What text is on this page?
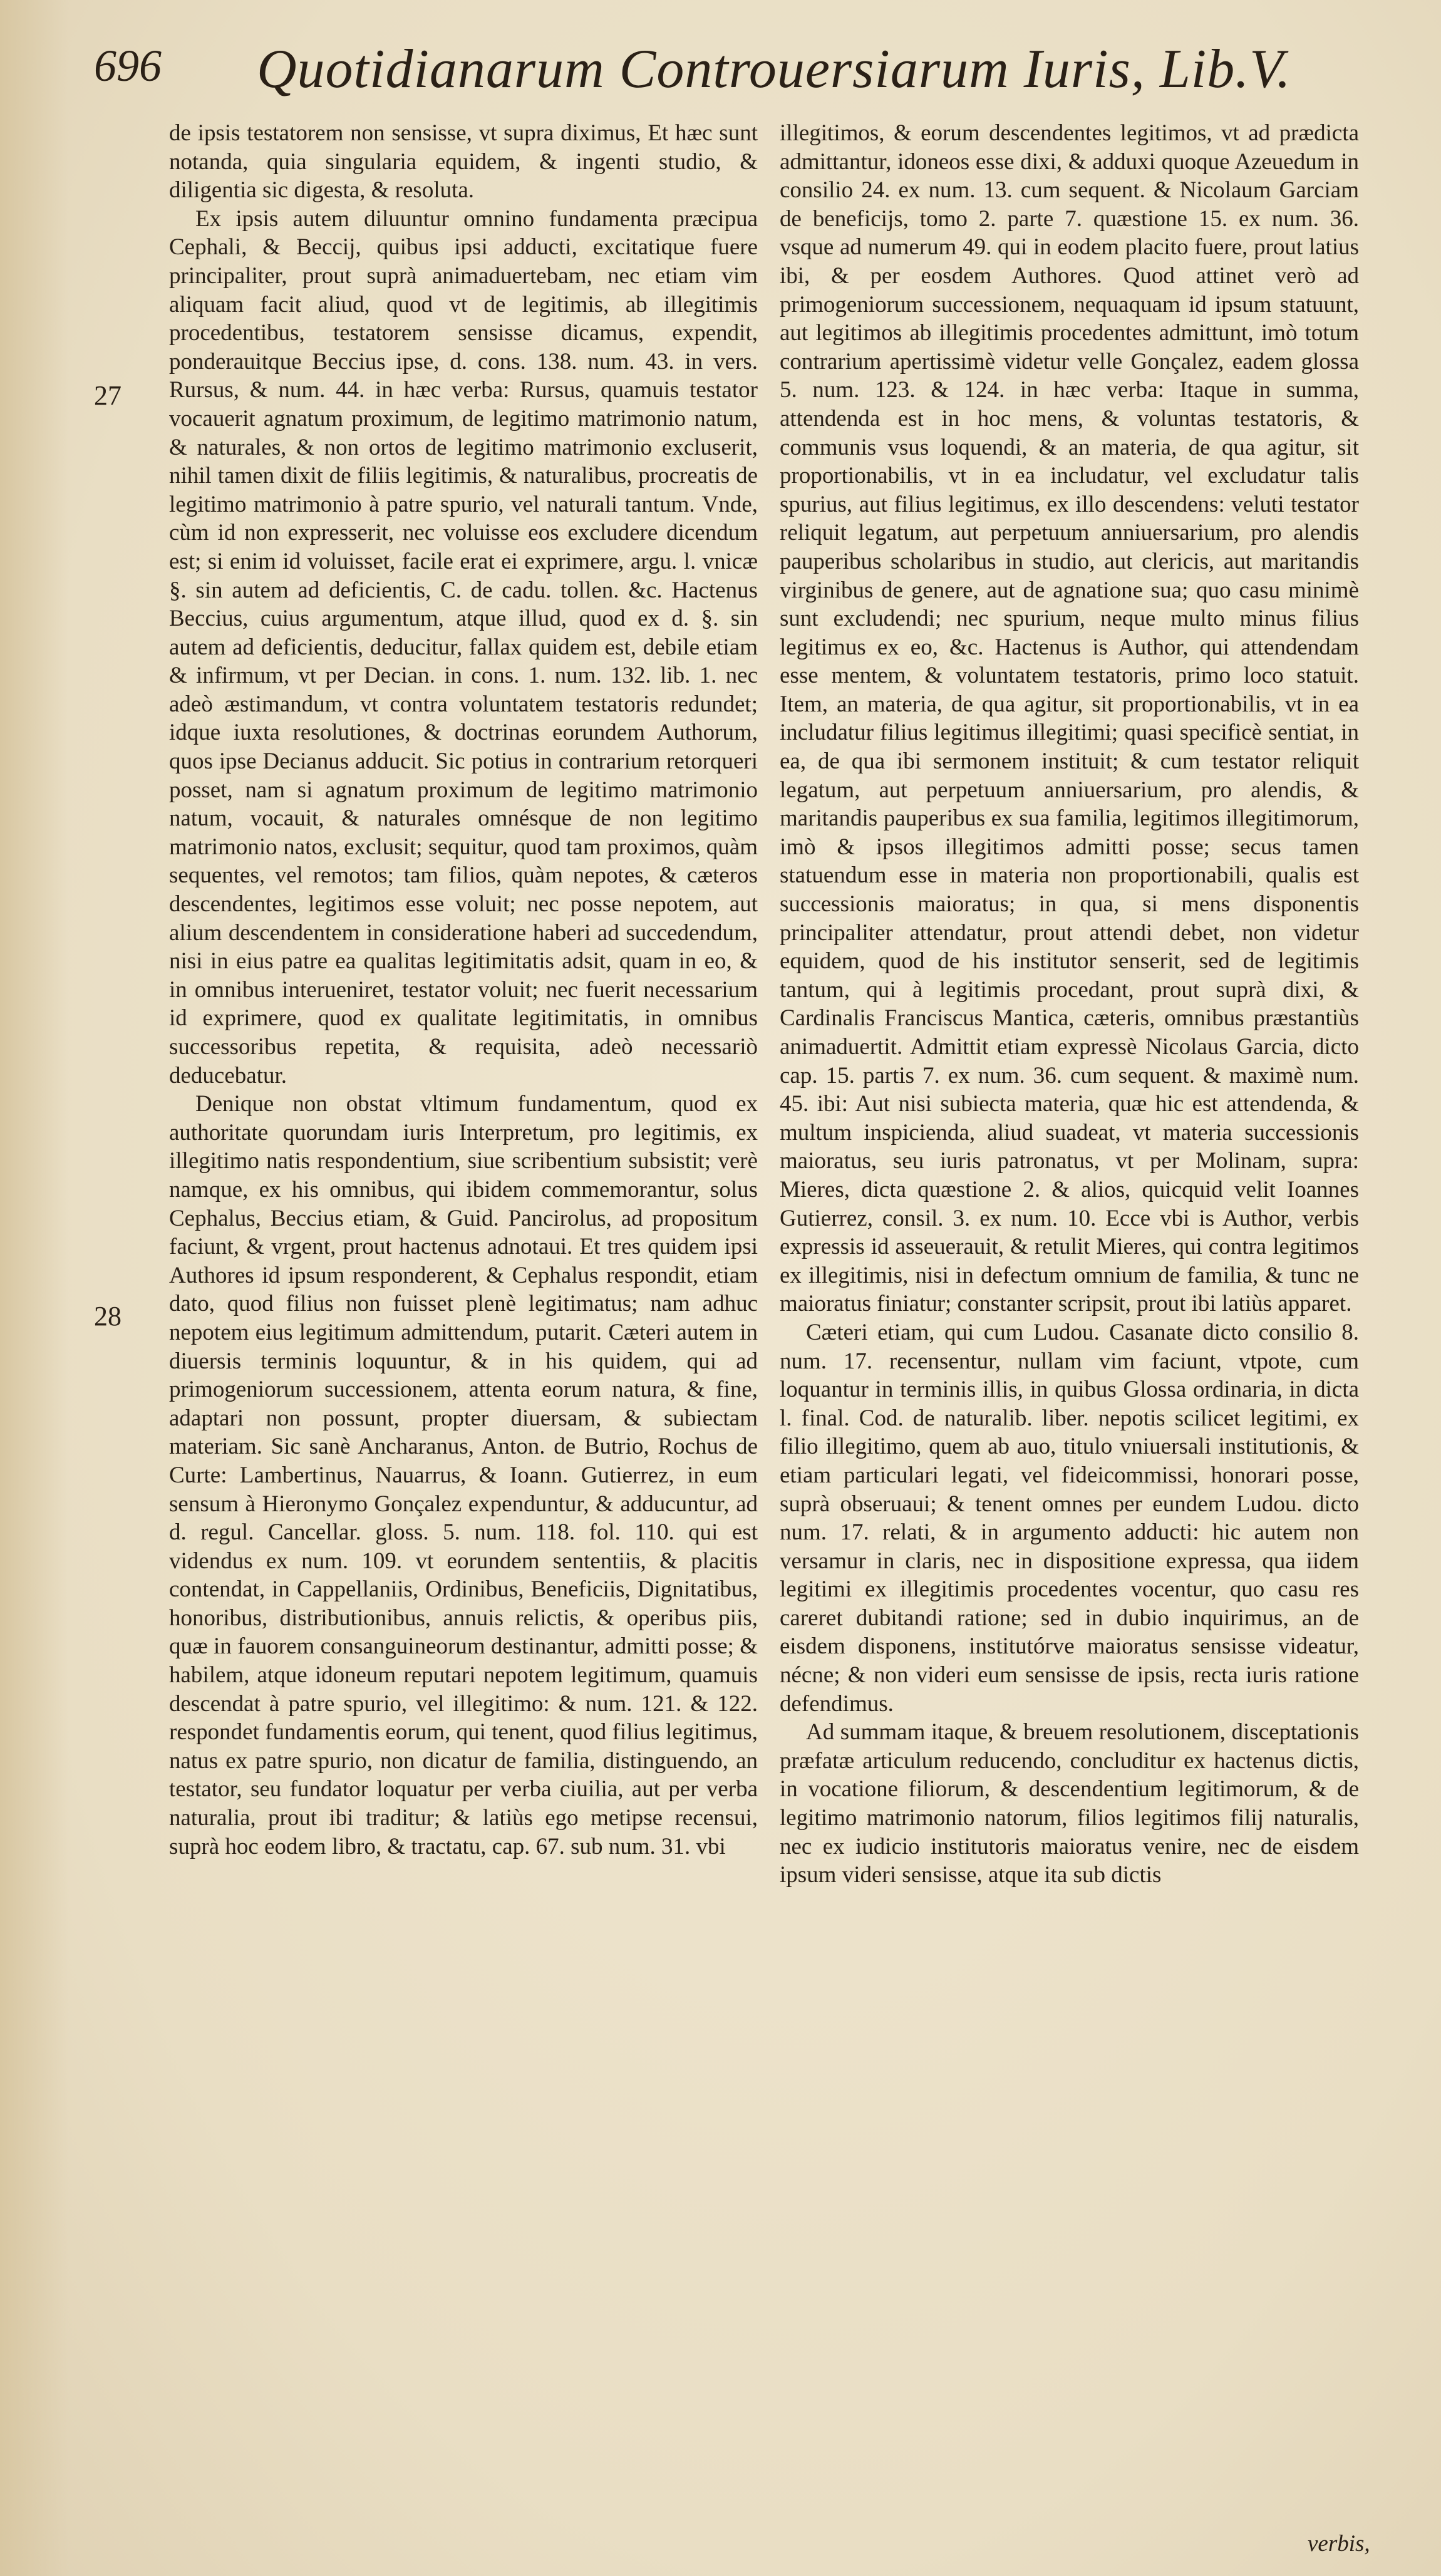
696 Quotidianarum Controuersiarum Iuris, Lib.V.
27
28

de ipsis testatorem non sensisse, vt supra diximus, Et hæc sunt notanda, quia singularia equidem, & ingenti studio, & diligentia sic digesta, & resoluta.

Ex ipsis autem diluuntur omnino fundamenta præcipua Cephali, & Beccij, quibus ipsi adducti, excitatique fuere principaliter, prout suprà animaduertebam, nec etiam vim aliquam facit aliud, quod vt de legitimis, ab illegitimis procedentibus, testatorem sensisse dicamus, expendit, ponderauitque Beccius ipse, d. cons. 138. num. 43. in vers. Rursus, & num. 44. in hæc verba: Rursus, quamuis testator vocauerit agnatum proximum, de legitimo matrimonio natum, & naturales, & non ortos de legitimo matrimonio excluserit, nihil tamen dixit de filiis legitimis, & naturalibus, procreatis de legitimo matrimonio à patre spurio, vel naturali tantum. Vnde, cùm id non expresserit, nec voluisse eos excludere dicendum est; si enim id voluisset, facile erat ei exprimere, argu. l. vnicæ §. sin autem ad deficientis, C. de cadu. tollen. &c. Hactenus Beccius, cuius argumentum, atque illud, quod ex d. §. sin autem ad deficientis, deducitur, fallax quidem est, debile etiam & infirmum, vt per Decian. in cons. 1. num. 132. lib. 1. nec adeò æstimandum, vt contra voluntatem testatoris redundet; idque iuxta resolutiones, & doctrinas eorundem Authorum, quos ipse Decianus adducit. Sic potius in contrarium retorqueri posset, nam si agnatum proximum de legitimo matrimonio natum, vocauit, & naturales omnésque de non legitimo matrimonio natos, exclusit; sequitur, quod tam proximos, quàm sequentes, vel remotos; tam filios, quàm nepotes, & cæteros descendentes, legitimos esse voluit; nec posse nepotem, aut alium descendentem in consideratione haberi ad succedendum, nisi in eius patre ea qualitas legitimitatis adsit, quam in eo, & in omnibus interueniret, testator voluit; nec fuerit necessarium id exprimere, quod ex qualitate legitimitatis, in omnibus successoribus repetita, & requisita, adeò necessariò deducebatur.

Denique non obstat vltimum fundamentum, quod ex authoritate quorundam iuris Interpretum, pro legitimis, ex illegitimo natis respondentium, siue scribentium subsistit; verè namque, ex his omnibus, qui ibidem commemorantur, solus Cephalus, Beccius etiam, & Guid. Pancirolus, ad propositum faciunt, & vrgent, prout hactenus adnotaui. Et tres quidem ipsi Authores id ipsum responderent, & Cephalus respondit, etiam dato, quod filius non fuisset plenè legitimatus; nam adhuc nepotem eius legitimum admittendum, putarit. Cæteri autem in diuersis terminis loquuntur, & in his quidem, qui ad primogeniorum successionem, attenta eorum natura, & fine, adaptari non possunt, propter diuersam, & subiectam materiam. Sic sanè Ancharanus, Anton. de Butrio, Rochus de Curte: Lambertinus, Nauarrus, & Ioann. Gutierrez, in eum sensum à Hieronymo Gonçalez expenduntur, & adducuntur, ad d. regul. Cancellar. gloss. 5. num. 118. fol. 110. qui est videndus ex num. 109. vt eorundem sententiis, & placitis contendat, in Cappellaniis, Ordinibus, Beneficiis, Dignitatibus, honoribus, distributionibus, annuis relictis, & operibus piis, quæ in fauorem consanguineorum destinantur, admitti posse; & habilem, atque idoneum reputari nepotem legitimum, quamuis descendat à patre spurio, vel illegitimo: & num. 121. & 122. respondet fundamentis eorum, qui tenent, quod filius legitimus, natus ex patre spurio, non dicatur de familia, distinguendo, an testator, seu fundator loquatur per verba ciuilia, aut per verba naturalia, prout ibi traditur; & latiùs ego metipse recensui, suprà hoc eodem libro, & tractatu, cap. 67. sub num. 31. vbi

illegitimos, & eorum descendentes legitimos, vt ad prædicta admittantur, idoneos esse dixi, & adduxi quoque Azeuedum in consilio 24. ex num. 13. cum sequent. & Nicolaum Garciam de beneficijs, tomo 2. parte 7. quæstione 15. ex num. 36. vsque ad numerum 49. qui in eodem placito fuere, prout latius ibi, & per eosdem Authores. Quod attinet verò ad primogeniorum successionem, nequaquam id ipsum statuunt, aut legitimos ab illegitimis procedentes admittunt, imò totum contrarium apertissimè videtur velle Gonçalez, eadem glossa 5. num. 123. & 124. in hæc verba: Itaque in summa, attendenda est in hoc mens, & voluntas testatoris, & communis vsus loquendi, & an materia, de qua agitur, sit proportionabilis, vt in ea includatur, vel excludatur talis spurius, aut filius legitimus, ex illo descendens: veluti testator reliquit legatum, aut perpetuum anniuersarium, pro alendis pauperibus scholaribus in studio, aut clericis, aut maritandis virginibus de genere, aut de agnatione sua; quo casu minimè sunt excludendi; nec spurium, neque multo minus filius legitimus ex eo, &c. Hactenus is Author, qui attendendam esse mentem, & voluntatem testatoris, primo loco statuit. Item, an materia, de qua agitur, sit proportionabilis, vt in ea includatur filius legitimus illegitimi; quasi specificè sentiat, in ea, de qua ibi sermonem instituit; & cum testator reliquit legatum, aut perpetuum anniuersarium, pro alendis, & maritandis pauperibus ex sua familia, legitimos illegitimorum, imò & ipsos illegitimos admitti posse; secus tamen statuendum esse in materia non proportionabili, qualis est successionis maioratus; in qua, si mens disponentis principaliter attendatur, prout attendi debet, non videtur equidem, quod de his institutor senserit, sed de legitimis tantum, qui à legitimis procedant, prout suprà dixi, & Cardinalis Franciscus Mantica, cæteris, omnibus præstantiùs animaduertit. Admittit etiam expressè Nicolaus Garcia, dicto cap. 15. partis 7. ex num. 36. cum sequent. & maximè num. 45. ibi: Aut nisi subiecta materia, quæ hic est attendenda, & multum inspicienda, aliud suadeat, vt materia successionis maioratus, seu iuris patronatus, vt per Molinam, supra: Mieres, dicta quæstione 2. & alios, quicquid velit Ioannes Gutierrez, consil. 3. ex num. 10. Ecce vbi is Author, verbis expressis id asseuerauit, & retulit Mieres, qui contra legitimos ex illegitimis, nisi in defectum omnium de familia, & tunc ne maioratus finiatur; constanter scripsit, prout ibi latiùs apparet.

Cæteri etiam, qui cum Ludou. Casanate dicto consilio 8. num. 17. recensentur, nullam vim faciunt, vtpote, cum loquantur in terminis illis, in quibus Glossa ordinaria, in dicta l. final. Cod. de naturalib. liber. nepotis scilicet legitimi, ex filio illegitimo, quem ab auo, titulo vniuersali institutionis, & etiam particulari legati, vel fideicommissi, honorari posse, suprà obseruaui; & tenent omnes per eundem Ludou. dicto num. 17. relati, & in argumento adducti: hic autem non versamur in claris, nec in dispositione expressa, qua iidem legitimi ex illegitimis procedentes vocentur, quo casu res careret dubitandi ratione; sed in dubio inquirimus, an de eisdem disponens, institutórve maioratus sensisse videatur, nécne; & non videri eum sensisse de ipsis, recta iuris ratione defendimus.

Ad summam itaque, & breuem resolutionem, disceptationis præfatæ articulum reducendo, concluditur ex hactenus dictis, in vocatione filiorum, & descendentium legitimorum, & de legitimo matrimonio natorum, filios legitimos filij naturalis, nec ex iudicio institutoris maioratus venire, nec de eisdem ipsum videri sensisse, atque ita sub dictis

verbis,
